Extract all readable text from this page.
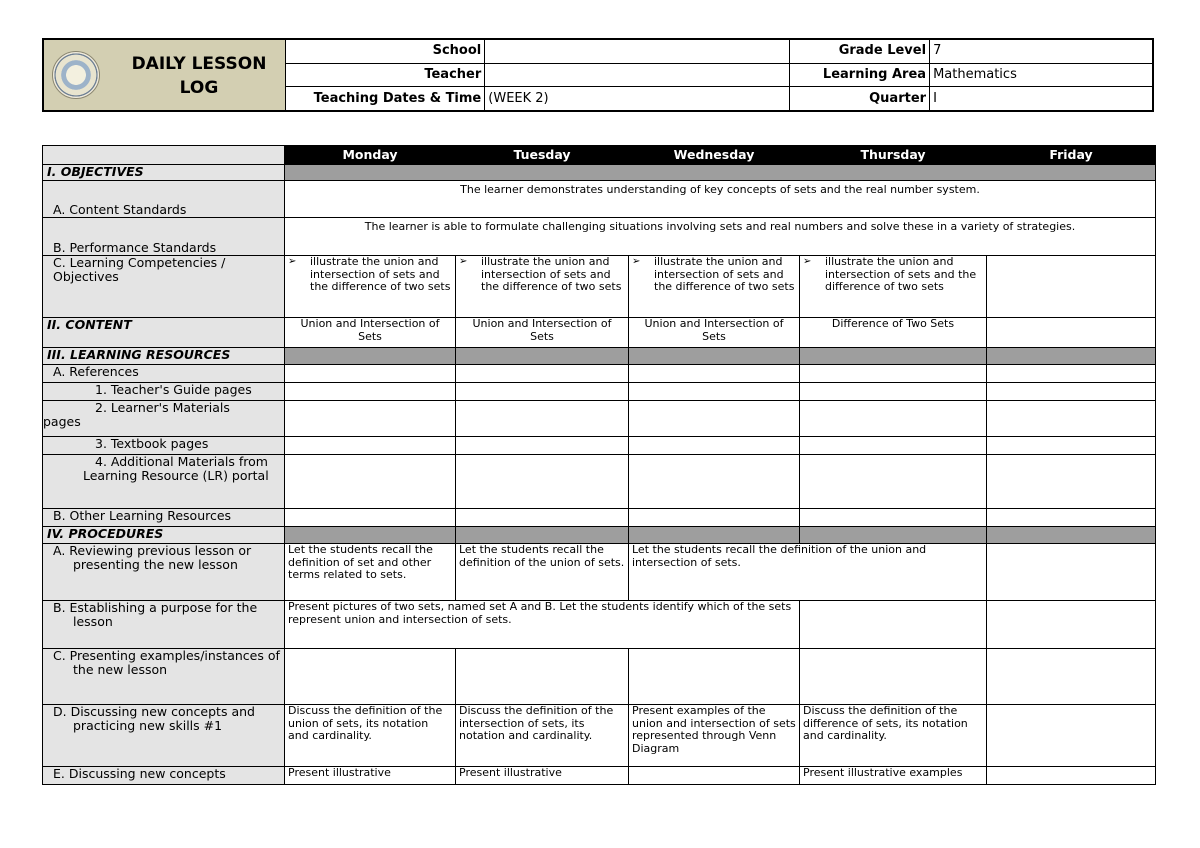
DAILY LESSON LOG	School		Grade Level	7
	Teacher		Learning Area	Mathematics
	Teaching Dates & Time	(WEEK 2)	Quarter	I
	Monday	Tuesday	Wednesday	Thursday	Friday
I. OBJECTIVES					
A. Content Standards	The learner demonstrates understanding of key concepts of sets and the real number system.				
B. Performance Standards	The learner is able to formulate challenging situations involving sets and real numbers and solve these in a variety of strategies.				
C. Learning Competencies / Objectives	➢ illustrate the union and intersection of sets and the difference of two sets	➢ illustrate the union and intersection of sets and the difference of two sets	➢ illustrate the union and intersection of sets and the difference of two sets	➢ illustrate the union and intersection of sets and the difference of two sets	

II. CONTENT	Union and Intersection of Sets	Union and Intersection of Sets	Union and Intersection of Sets	Difference of Two Sets	
III. LEARNING RESOURCES					
A. References					
1. Teacher's Guide pages					

2. Learner's Materials
pages					

3. Textbook pages					
4. Additional Materials from Learning Resource (LR) portal					
B. Other Learning Resources					
IV. PROCEDURES					
A. Reviewing previous lesson or presenting the new lesson	Let the students recall the definition of set and other terms related to sets.	Let the students recall the definition of the union of sets.	Let the students recall the definition of the union and intersection of sets.		
B. Establishing a purpose for the lesson	Present pictures of two sets, named set A and B. Let the students identify which of the sets represent union and intersection of sets.				
C. Presenting examples/instances of the new lesson					
D. Discussing new concepts and practicing new skills #1	Discuss the definition of the union of sets, its notation and cardinality.	Discuss the definition of the intersection of sets, its notation and cardinality.	Present examples of the union and intersection of sets represented through Venn Diagram	Discuss the definition of the difference of sets, its notation and cardinality.	
E. Discussing new concepts	Present illustrative	Present illustrative		Present illustrative examples	
